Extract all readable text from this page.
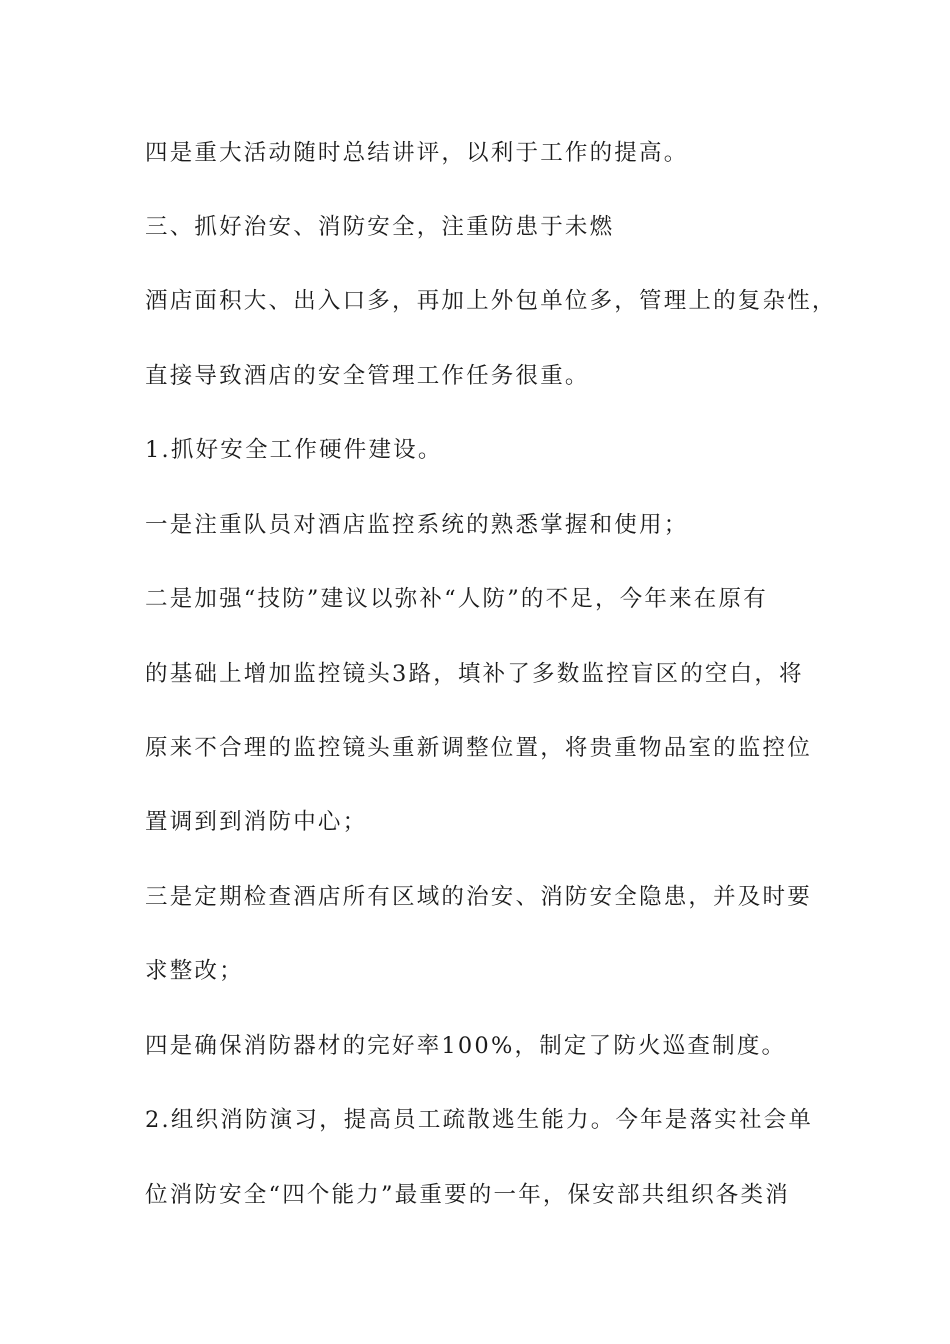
四是重大活动随时总结讲评，以利于工作的提高。
三、抓好治安、消防安全，注重防患于未燃
酒店面积大、出入口多，再加上外包单位多，管理上的复杂性，
直接导致酒店的安全管理工作任务很重。
1.抓好安全工作硬件建设。
一是注重队员对酒店监控系统的熟悉掌握和使用；
二是加强“技防”建议以弥补“人防”的不足，今年来在原有
的基础上增加监控镜头3路，填补了多数监控盲区的空白，将
原来不合理的监控镜头重新调整位置，将贵重物品室的监控位
置调到到消防中心；
三是定期检查酒店所有区域的治安、消防安全隐患，并及时要
求整改；
四是确保消防器材的完好率100%，制定了防火巡查制度。
2.组织消防演习，提高员工疏散逃生能力。今年是落实社会单
位消防安全“四个能力”最重要的一年，保安部共组织各类消
